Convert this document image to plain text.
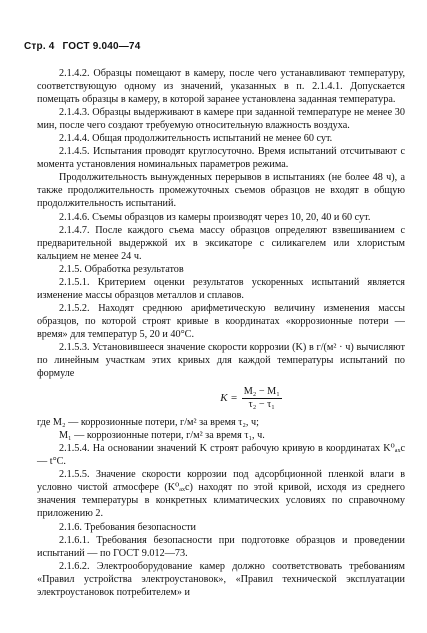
Стр. 4 ГОСТ 9.040—74

2.1.4.2. Образцы помещают в камеру, после чего устанавливают температуру, соответствующую одному из значений, указанных в п. 2.1.4.1. Допускается помещать образцы в камеру, в которой заранее установлена заданная температура.

2.1.4.3. Образцы выдерживают в камере при заданной температуре не менее 30 мин, после чего создают требуемую относительную влажность воздуха.

2.1.4.4. Общая продолжительность испытаний не менее 60 сут.

2.1.4.5. Испытания проводят круглосуточно. Время испытаний отсчитывают с момента установления номинальных параметров режима.

Продолжительность вынужденных перерывов в испытаниях (не более 48 ч), а также продолжительность промежуточных съемов образцов не входят в общую продолжительность испытаний.

2.1.4.6. Съемы образцов из камеры производят через 10, 20, 40 и 60 сут.

2.1.4.7. После каждого съема массу образцов определяют взвешиванием с предварительной выдержкой их в эксикаторе с силикагелем или хлористым кальцием не менее 24 ч.

2.1.5. Обработка результатов

2.1.5.1. Критерием оценки результатов ускоренных испытаний является изменение массы образцов металлов и сплавов.

2.1.5.2. Находят среднюю арифметическую величину изменения массы образцов, по которой строят кривые в координатах «коррозионные потери — время» для температур 5, 20 и 40°С.

2.1.5.3. Установившееся значение скорости коррозии (K) в г/(м² · ч) вычисляют по линейным участкам этих кривых для каждой температуры испытаний по формуле

$K = \frac{\text{M₂ − M₁}}{\text{τ₂ − τ₁}}$

где M₂ — коррозионные потери, г/м² за время τ₂, ч;

M₁ — коррозионные потери, г/м² за время τ₁, ч.

2.1.5.4. На основании значений K строят рабочую кривую в координатах K⁰ₐₓc — t°С.

2.1.5.5. Значение скорости коррозии под адсорбционной пленкой влаги в условно чистой атмосфере (K⁰ₐₓc) находят по этой кривой, исходя из среднего значения температуры в конкретных климатических условиях по справочному приложению 2.

2.1.6. Требования безопасности

2.1.6.1. Требования безопасности при подготовке образцов и проведении испытаний — по ГОСТ 9.012—73.

2.1.6.2. Электрооборудование камер должно соответствовать требованиям «Правил устройства электроустановок», «Правил технической эксплуатации электроустановок потребителем» и
